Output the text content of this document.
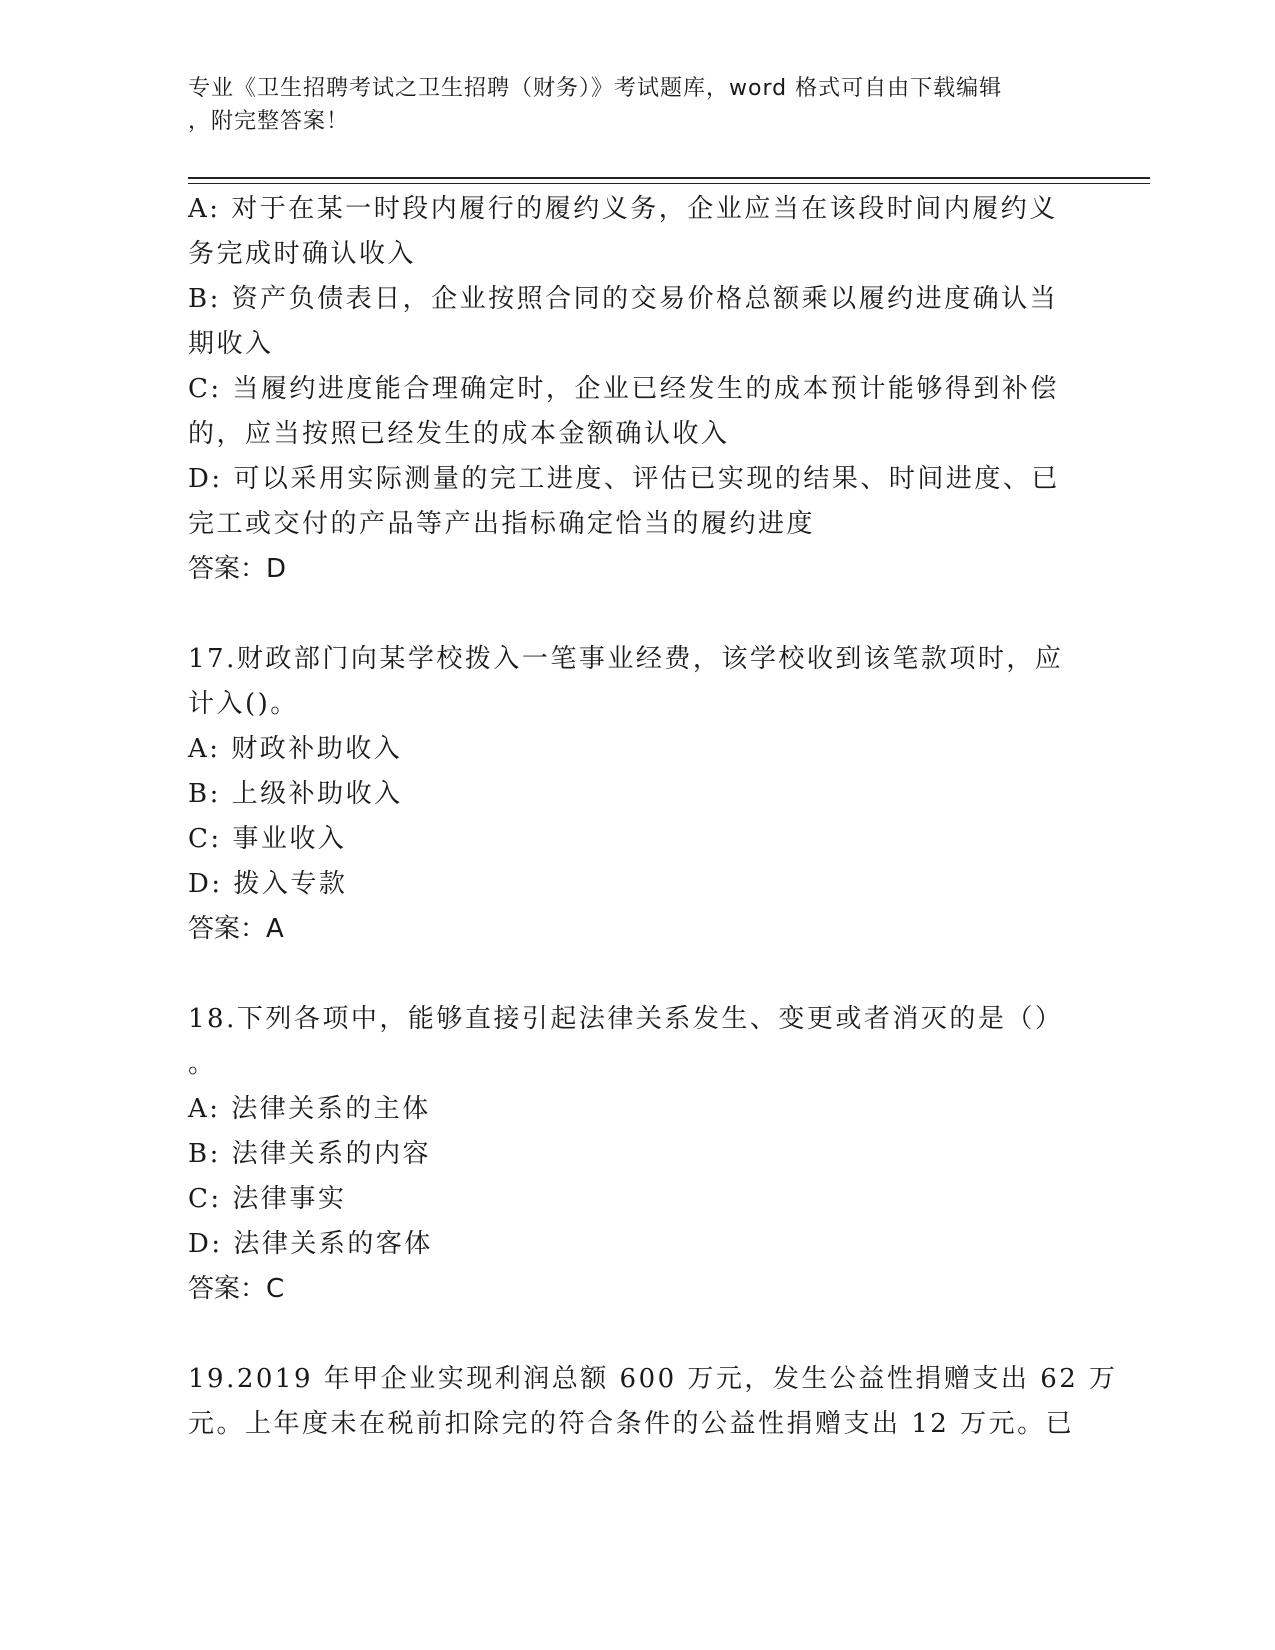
专业《卫生招聘考试之卫生招聘（财务）》考试题库，word 格式可自由下载编辑
，附完整答案！

A: 对于在某一时段内履行的履约义务，企业应当在该段时间内履约义

务完成时确认收入

B: 资产负债表日，企业按照合同的交易价格总额乘以履约进度确认当

期收入

C: 当履约进度能合理确定时，企业已经发生的成本预计能够得到补偿

的，应当按照已经发生的成本金额确认收入

D: 可以采用实际测量的完工进度、评估已实现的结果、时间进度、已

完工或交付的产品等产出指标确定恰当的履约进度

答案：D

17.财政部门向某学校拨入一笔事业经费，该学校收到该笔款项时，应

计入()。

A: 财政补助收入

B: 上级补助收入

C: 事业收入

D: 拨入专款

答案：A

18.下列各项中，能够直接引起法律关系发生、变更或者消灭的是（）

。

A: 法律关系的主体

B: 法律关系的内容

C: 法律事实

D: 法律关系的客体

答案：C

19.2019 年甲企业实现利润总额 600 万元，发生公益性捐赠支出 62 万

元。上年度未在税前扣除完的符合条件的公益性捐赠支出 12 万元。已
